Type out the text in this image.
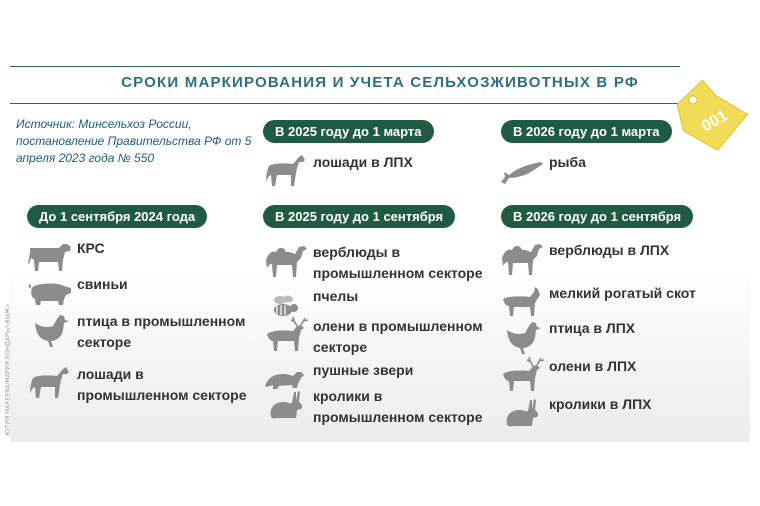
СРОКИ МАРКИРОВАНИЯ И УЧЕТА СЕЛЬХОЗЖИВОТНЫХ В РФ
001
Источник: Минсельхоз России, постановление Правительства РФ от 5 апреля 2023 года № 550
В 2025 году до 1 марта
лошади в ЛПХ
В 2026 году до 1 марта
рыба
До 1 сентября 2024 года
КРС
свиньи
птица в промышленном секторе
лошади в промышленном секторе
В 2025 году до 1 сентября
верблюды в промышленном секторе
пчелы
олени в промышленном секторе
пушные звери
кролики в промышленном секторе
В 2026 году до 1 сентября
верблюды в ЛПХ
мелкий рогатый скот
птица в ЛПХ
олени в ЛПХ
кролики в ЛПХ
ЮЛИЯ МАКЕЕВА/МАРИЯ БОНДАРЬ/«ВЫЖ»
